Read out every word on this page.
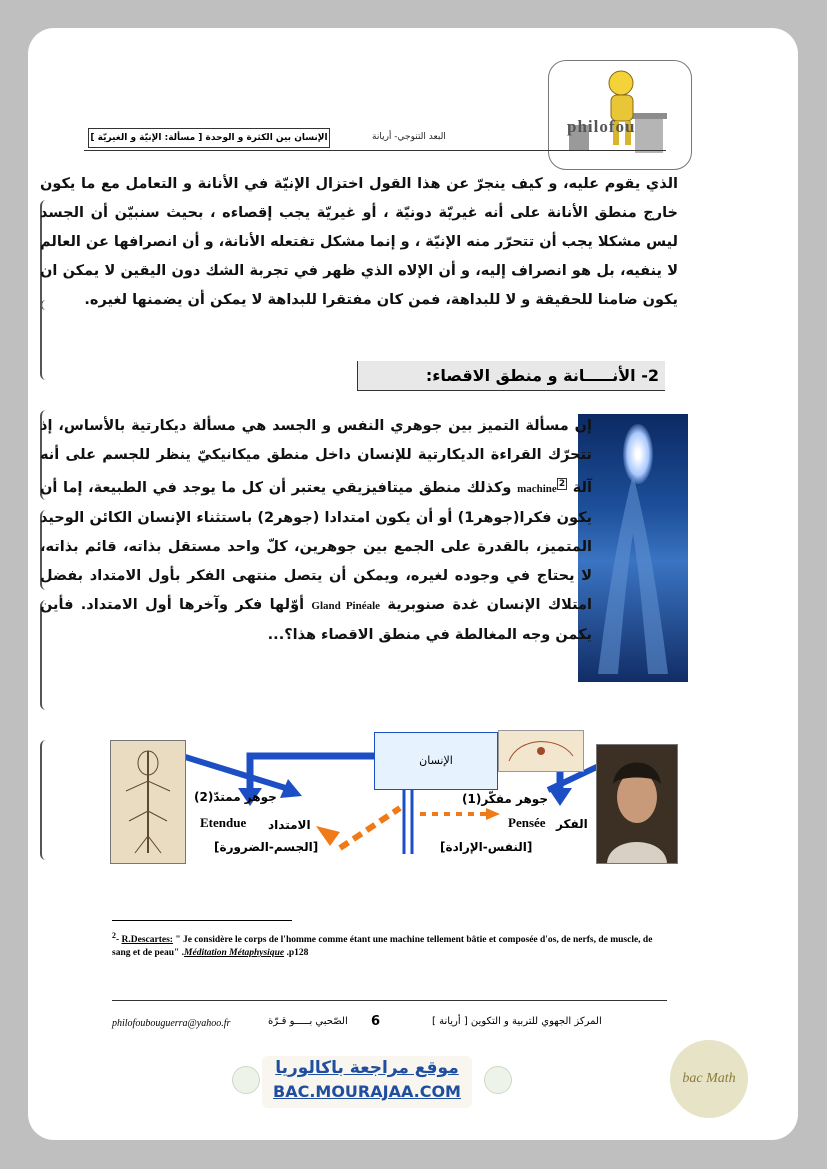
philofou
الإنسان بين الكثرة و الوحدة [ مسألة: الإنيّة و الغيريّة ]	البعد التنوجي- أريانة

الذي يقوم عليه، و كيف ينجرّ عن هذا القول اختزال الإنيّة في الأنانة و التعامل مع ما يكون خارج منطق الأنانة على أنه غيريّة دونيّة ، أو غيريّة يجب إقصاءه ، بحيث سنبيّن أن الجسد ليس مشكلا يجب أن تتحرّر منه الإنيّة ، و إنما مشكل تفتعله الأنانة، و أن انصرافها عن العالم لا ينفيه، بل هو انصراف إليه، و أن الإلاه الذي ظهر في تجربة الشك دون اليقين لا يمكن ان يكون ضامنا للحقيقة و لا للبداهة، فمن كان مفتقرا للبداهة لا يمكن أن يضمنها لغيره.

2- الأنـــــانة و منطق الاقصاء:

إن مسألة التميز بين جوهري النفس و الجسد هي مسألة ديكارتية بالأساس، إذ تتحرّك القراءة الديكارتية للإنسان داخل منطق ميكانيكيّ ينظر للجسم على أنه آلة machine $^2$ وكذلك منطق ميتافيزيقي يعتبر أن كل ما يوجد في الطبيعة، إما أن يكون فكرا(جوهر1) أو أن يكون امتدادا (جوهر2) باستثناء الإنسان الكائن الوحيد المتميز، بالقدرة على الجمع بين جوهرين، كلّ واحد مستقل بذاته، قائم بذاته، لا يحتاج في وجوده لغيره، ويمكن أن يتصل منتهى الفكر بأول الامتداد بفضل امتلاك الإنسان غدة صنوبرية Gland Pinéale أوّلها فكر وآخرها أول الامتداد. فأين يكمن وجه المغالطة في منطق الاقصاء هذا؟...

الإنسان
جوهر ممتدّ(2)
الامتداد
Etendue
[الجسم-الضرورة]
جوهر مفكّر(1)
Pensée الفكر
[النفس-الإرادة]
$^2$- R.Descartes: " Je considère le corps de l'homme comme étant une machine tellement bâtie et composée d'os, de nerfs, de muscle, de sang et de peau" .Méditation Métaphysique .p128
philofoubouguerra@yahoo.fr	الصّحبي بـــــو قـرّة 6	المركز الجهوي للتربية و التكوين [ أريانة ]
موقع مراجعة باكالوريا
BAC.MOURAJAA.COM
bac Math
